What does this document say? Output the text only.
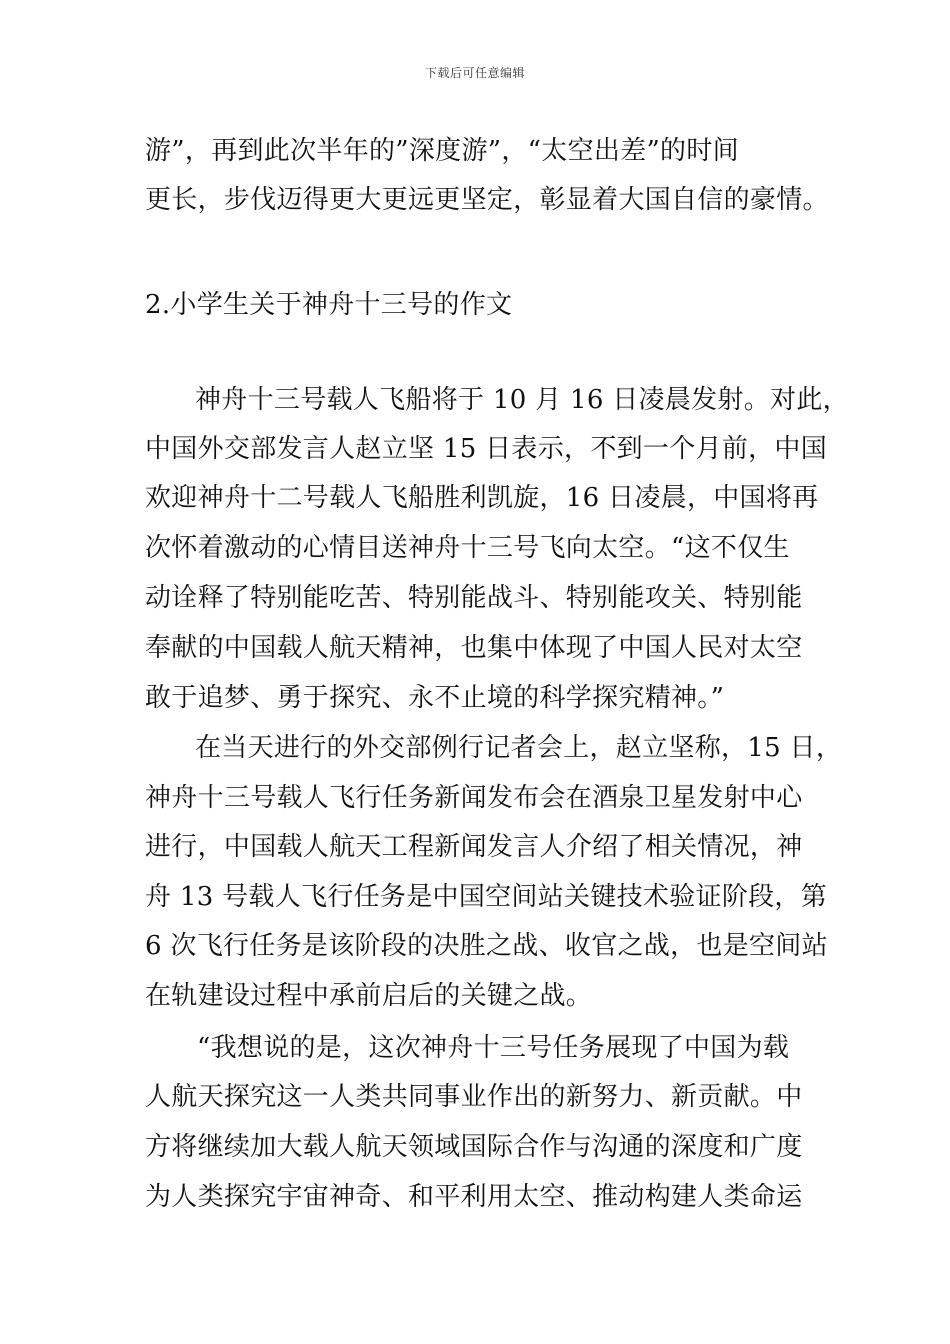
下载后可任意编辑
游”，再到此次半年的”深度游”，“太空出差”的时间
更长，步伐迈得更大更远更坚定，彰显着大国自信的豪情。
2.小学生关于神舟十三号的作文
神舟十三号载人飞船将于 10 月 16 日凌晨发射。对此，
中国外交部发言人赵立坚 15 日表示，不到一个月前，中国
欢迎神舟十二号载人飞船胜利凯旋，16 日凌晨，中国将再
次怀着激动的心情目送神舟十三号飞向太空。“这不仅生
动诠释了特别能吃苦、特别能战斗、特别能攻关、特别能
奉献的中国载人航天精神，也集中体现了中国人民对太空
敢于追梦、勇于探究、永不止境的科学探究精神。”
在当天进行的外交部例行记者会上，赵立坚称，15 日，
神舟十三号载人飞行任务新闻发布会在酒泉卫星发射中心
进行，中国载人航天工程新闻发言人介绍了相关情况，神
舟 13 号载人飞行任务是中国空间站关键技术验证阶段，第
6 次飞行任务是该阶段的决胜之战、收官之战，也是空间站
在轨建设过程中承前启后的关键之战。
“我想说的是，这次神舟十三号任务展现了中国为载
人航天探究这一人类共同事业作出的新努力、新贡献。中
方将继续加大载人航天领域国际合作与沟通的深度和广度
为人类探究宇宙神奇、和平利用太空、推动构建人类命运
